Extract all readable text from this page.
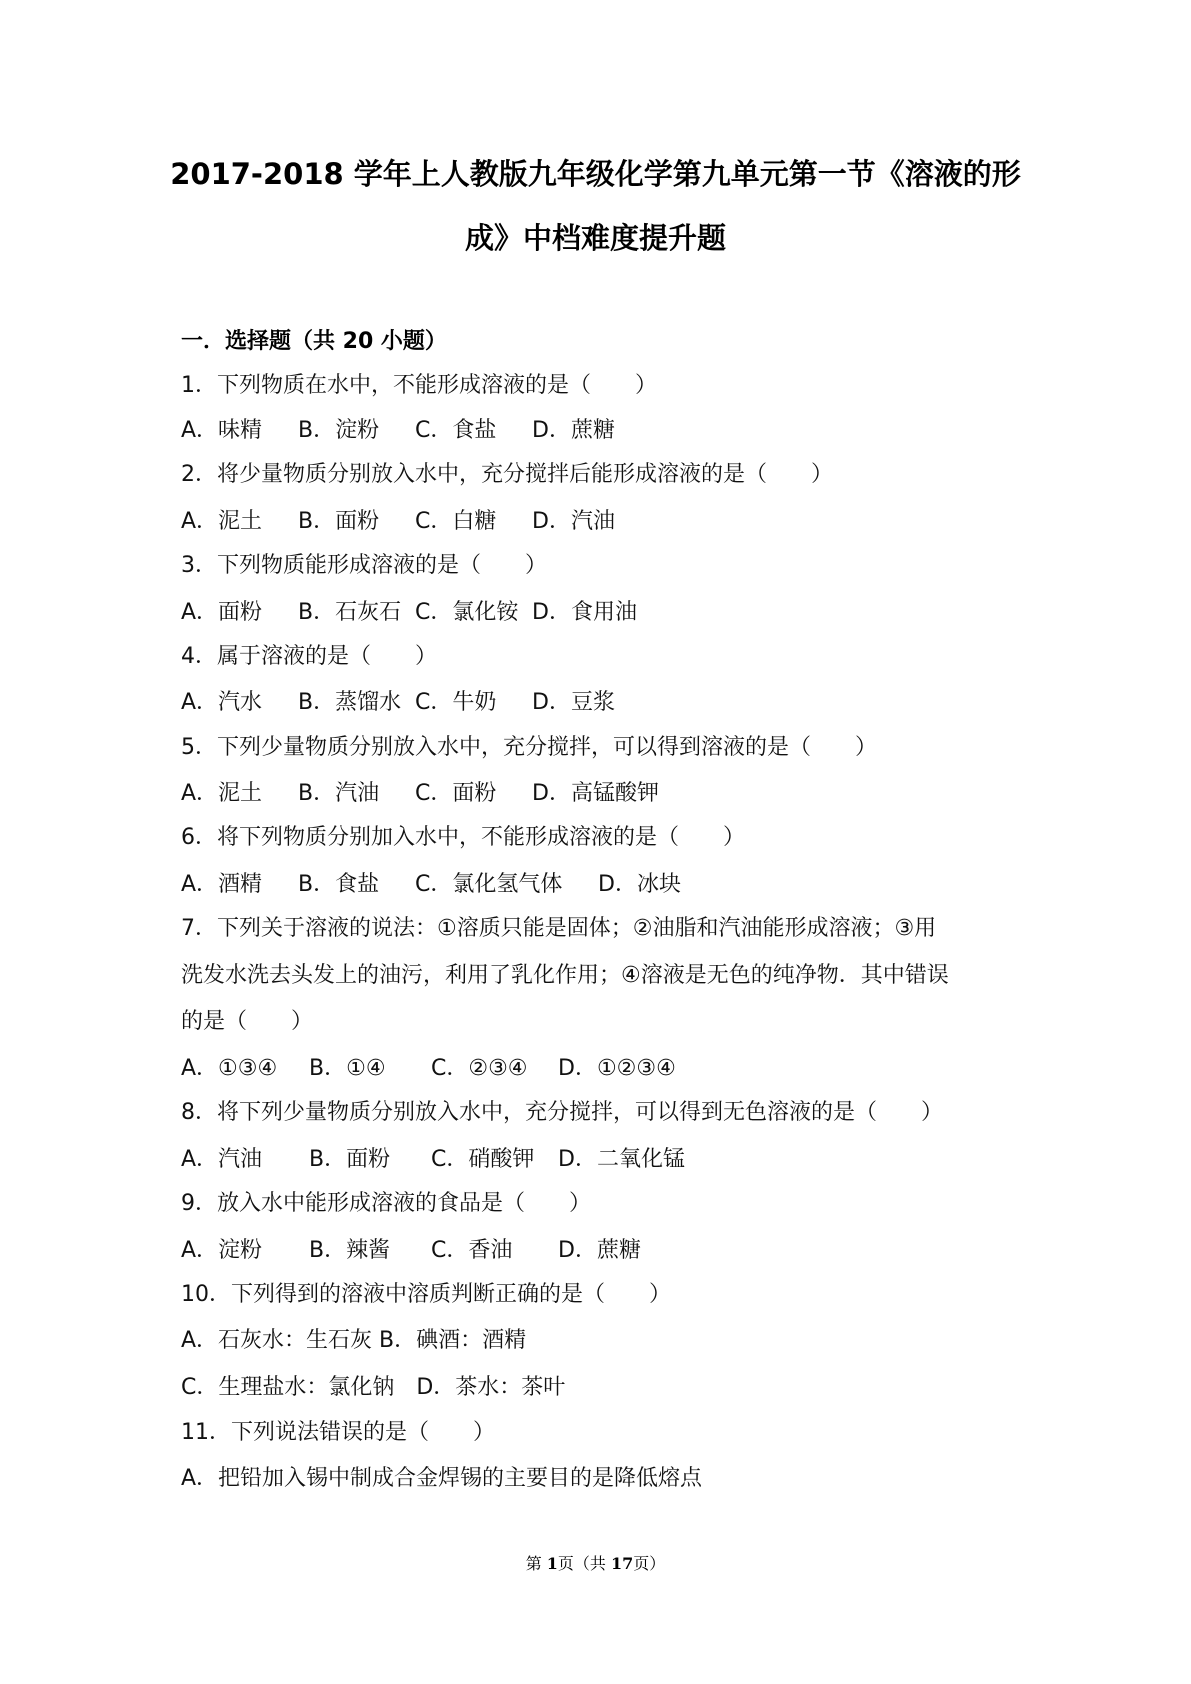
2017-2018 学年上人教版九年级化学第九单元第一节《溶液的形
成》中档难度提升题
一．选择题（共 20 小题）
1．下列物质在水中，不能形成溶液的是（　　）
A．味精 B．淀粉 C．食盐 D．蔗糖
2．将少量物质分别放入水中，充分搅拌后能形成溶液的是（　　）
A．泥土 B．面粉 C．白糖 D．汽油
3．下列物质能形成溶液的是（　　）
A．面粉 B．石灰石 C．氯化铵 D．食用油
4．属于溶液的是（　　）
A．汽水 B．蒸馏水 C．牛奶 D．豆浆
5．下列少量物质分别放入水中，充分搅拌，可以得到溶液的是（　　）
A．泥土 B．汽油 C．面粉 D．高锰酸钾
6．将下列物质分别加入水中，不能形成溶液的是（　　）
A．酒精 B．食盐 C．氯化氢气体 D．冰块
7．下列关于溶液的说法：①溶质只能是固体；②油脂和汽油能形成溶液；③用
洗发水洗去头发上的油污，利用了乳化作用；④溶液是无色的纯净物．其中错误
的是（　　）
A．①③④ B．①④ C．②③④ D．①②③④
8．将下列少量物质分别放入水中，充分搅拌，可以得到无色溶液的是（　　）
A．汽油 B．面粉 C．硝酸钾 D．二氧化锰
9．放入水中能形成溶液的食品是（　　）
A．淀粉 B．辣酱 C．香油 D．蔗糖
10．下列得到的溶液中溶质判断正确的是（　　）
A．石灰水：生石灰 B．碘酒：酒精
C．生理盐水：氯化钠　D．茶水：茶叶
11．下列说法错误的是（　　）
A．把铅加入锡中制成合金焊锡的主要目的是降低熔点
第 1页（共 17页）
